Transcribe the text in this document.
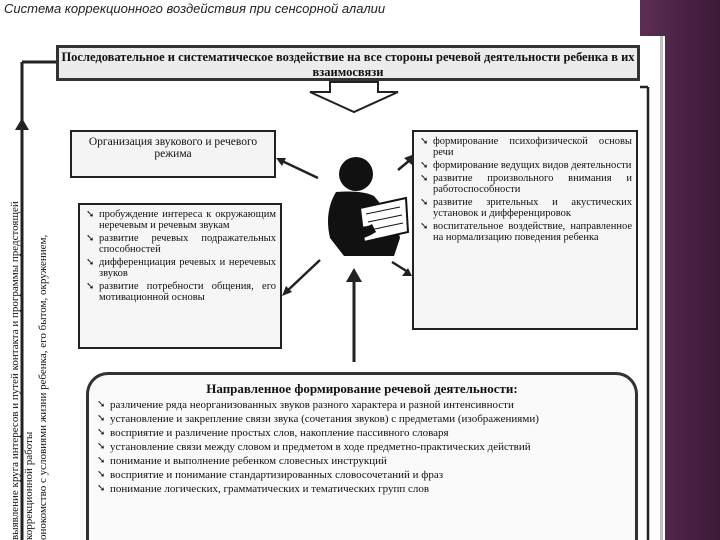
Система коррекционного воздействия при сенсорной алалии
Последовательное и систематическое воздействие на все стороны речевой деятельности ребенка в их взаимосвязи
выявление круга интересов и путей контакта и программы предстоящей коррекционной работы онокомство с условиями жизни ребенка, его бытом, окружением,
Организация звукового и речевого режима
➘ пробуждение интереса к окружающим неречевым и речевым звукам
➘ развитие речевых подражательных способностей
➘ дифференциация речевых и неречевых звуков
➘ развитие потребности общения, его мотивационной основы
➘ формирование психофизической основы речи
➘ формирование ведущих видов деятельности
➘ развитие произвольного внимания и работоспособности
➘ развитие зрительных и акустических установок и дифференцировок
➘ воспитательное воздействие, направленное на нормализацию поведения ребенка
Направленное формирование речевой деятельности:
➘ различение ряда неорганизованных звуков разного характера и разной интенсивности
➘ установление и закрепление связи звука (сочетания звуков) с предметами (изображениями)
➘ восприятие и различение простых слов, накопление пассивного словаря
➘ установление связи между словом и предметом в ходе предметно-практических действий
➘ понимание и выполнение ребенком словесных инструкций
➘ восприятие и понимание стандартизированных словосочетаний и фраз
➘ понимание логических, грамматических и тематических групп слов
